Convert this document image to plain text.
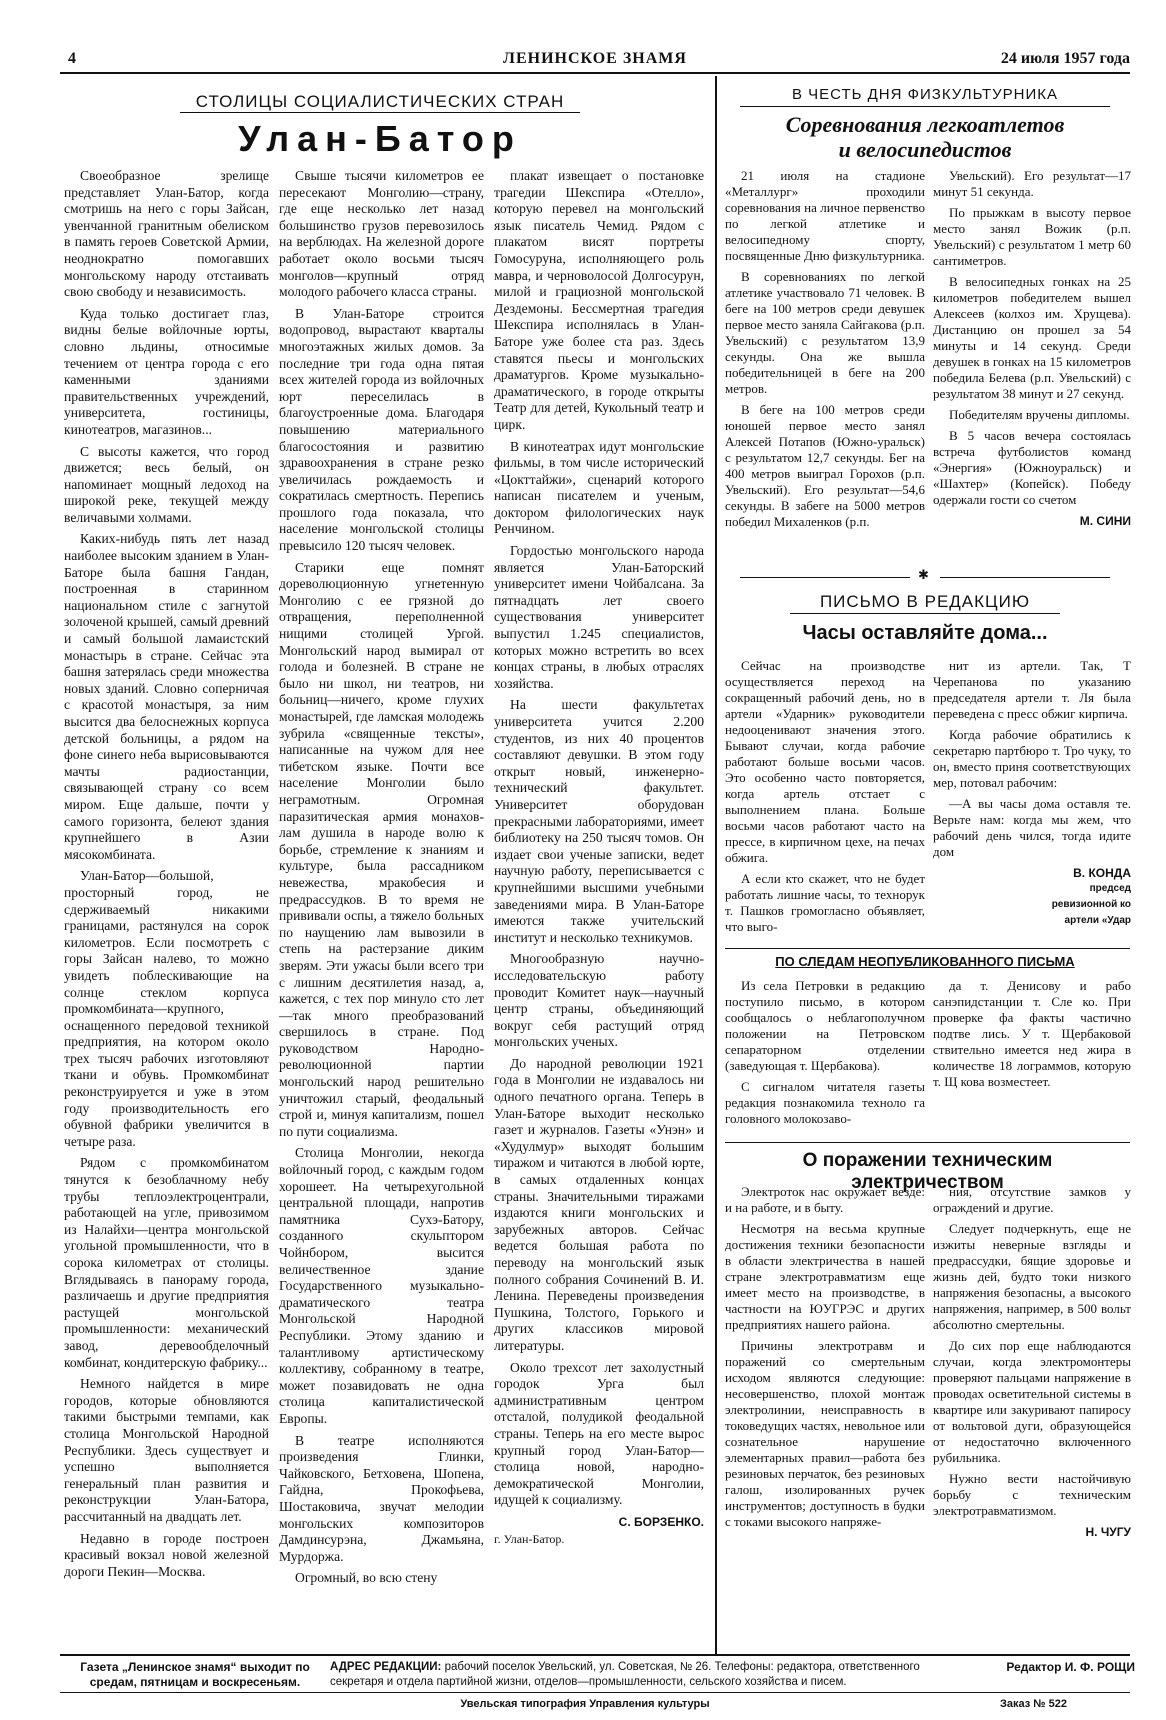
4	ЛЕНИНСКОЕ ЗНАМЯ	24 июля 1957 года
СТОЛИЦЫ СОЦИАЛИСТИЧЕСКИХ СТРАН
Улан-Батор

Своеобразное зрелище представляет Улан-Батор, когда смотришь на него с горы Зайсан, увенчанной гранитным обелиском в память героев Советской Армии, неоднократно помогавших монгольскому народу отстаивать свою свободу и независимость.

Куда только достигает глаз, видны белые войлочные юрты, словно льдины, относимые течением от центра города с его каменными зданиями правительственных учреждений, университета, гостиницы, кинотеатров, магазинов...

С высоты кажется, что город движется; весь белый, он напоминает мощный ледоход на широкой реке, текущей между величавыми холмами.

Каких-нибудь пять лет назад наиболее высоким зданием в Улан-Баторе была башня Гандан, построенная в старинном национальном стиле с загнутой золоченой крышей, самый древний и самый большой ламаистский монастырь в стране. Сейчас эта башня затерялась среди множества новых зданий. Словно соперничая с красотой монастыря, за ним высится два белоснежных корпуса детской больницы, а рядом на фоне синего неба вырисовываются мачты радиостанции, связывающей страну со всем миром. Еще дальше, почти у самого горизонта, белеют здания крупнейшего в Азии мясокомбината.

Улан-Батор—большой, просторный город, не сдерживаемый никакими границами, растянулся на сорок километров. Если посмотреть с горы Зайсан налево, то можно увидеть поблескивающие на солнце стеклом корпуса промкомбината—крупного, оснащенного передовой техникой предприятия, на котором около трех тысяч рабочих изготовляют ткани и обувь. Промкомбинат реконструируется и уже в этом году производительность его обувной фабрики увеличится в четыре раза.

Рядом с промкомбинатом тянутся к безоблачному небу трубы теплоэлектроцентрали, работающей на угле, привозимом из Налайхи—центра монгольской угольной промышленности, что в сорока километрах от столицы. Вглядываясь в панораму города, различаешь и другие предприятия растущей монгольской промышленности: механический завод, деревообделочный комбинат, кондитерскую фабрику...

Немного найдется в мире городов, которые обновляются такими быстрыми темпами, как столица Монгольской Народной Республики. Здесь существует и успешно выполняется генеральный план развития и реконструкции Улан-Батора, рассчитанный на двадцать лет.

Недавно в городе построен красивый вокзал новой железной дороги Пекин—Москва.

Свыше тысячи километров ее пересекают Монголию—страну, где еще несколько лет назад большинство грузов перевозилось на верблюдах. На железной дороге работает около восьми тысяч монголов—крупный отряд молодого рабочего класса страны.

В Улан-Баторе строится водопровод, вырастают кварталы многоэтажных жилых домов. За последние три года одна пятая всех жителей города из войлочных юрт переселилась в благоустроенные дома. Благодаря повышению материального благосостояния и развитию здравоохранения в стране резко увеличилась рождаемость и сократилась смертность. Перепись прошлого года показала, что население монгольской столицы превысило 120 тысяч человек.

Старики еще помнят дореволюционную угнетенную Монголию с ее грязной до отвращения, переполненной нищими столицей Ургой. Монгольский народ вымирал от голода и болезней. В стране не было ни школ, ни театров, ни больниц—ничего, кроме глухих монастырей, где ламская молодежь зубрила «священные тексты», написанные на чужом для нее тибетском языке. Почти все население Монголии было неграмотным. Огромная паразитическая армия монахов-лам душила в народе волю к борьбе, стремление к знаниям и культуре, была рассадником невежества, мракобесия и предрассудков. В то время не прививали оспы, а тяжело больных по наущению лам вывозили в степь на растерзание диким зверям. Эти ужасы были всего три с лишним десятилетия назад, а, кажется, с тех пор минуло сто лет—так много преобразований свершилось в стране. Под руководством Народно-революционной партии монгольский народ решительно уничтожил старый, феодальный строй и, минуя капитализм, пошел по пути социализма.

Столица Монголии, некогда войлочный город, с каждым годом хорошеет. На четырехугольной центральной площади, напротив памятника Сухэ-Батору, созданного скульптором Чойнбором, высится величественное здание Государственного музыкально-драматического театра Монгольской Народной Республики. Этому зданию и талантливому артистическому коллективу, собранному в театре, может позавидовать не одна столица капиталистической Европы.

В театре исполняются произведения Глинки, Чайковского, Бетховена, Шопена, Гайдна, Прокофьева, Шостаковича, звучат мелодии монгольских композиторов Дамдинсурэна, Джамьяна, Мурдоржа.

Огромный, во всю стену

плакат извещает о постановке трагедии Шекспира «Отелло», которую перевел на монгольский язык писатель Чемид. Рядом с плакатом висят портреты Гомосуруна, исполняющего роль мавра, и черноволосой Долгосурун, милой и грациозной монгольской Дездемоны. Бессмертная трагедия Шекспира исполнялась в Улан-Баторе уже более ста раз. Здесь ставятся пьесы и монгольских драматургов. Кроме музыкально-драматического, в городе открыты Театр для детей, Кукольный театр и цирк.

В кинотеатрах идут монгольские фильмы, в том числе исторический «Цокттайжи», сценарий которого написан писателем и ученым, доктором филологических наук Ренчином.

Гордостью монгольского народа является Улан-Баторский университет имени Чойбалсана. За пятнадцать лет своего существования университет выпустил 1.245 специалистов, которых можно встретить во всех концах страны, в любых отраслях хозяйства.

На шести факультетах университета учится 2.200 студентов, из них 40 процентов составляют девушки. В этом году открыт новый, инженерно-технический факультет. Университет оборудован прекрасными лабораториями, имеет библиотеку на 250 тысяч томов. Он издает свои ученые записки, ведет научную работу, переписывается с крупнейшими высшими учебными заведениями мира. В Улан-Баторе имеются также учительский институт и несколько техникумов.

Многообразную научно-исследовательскую работу проводит Комитет наук—научный центр страны, объединяющий вокруг себя растущий отряд монгольских ученых.

До народной революции 1921 года в Монголии не издавалось ни одного печатного органа. Теперь в Улан-Баторе выходит несколько газет и журналов. Газеты «Унэн» и «Худулмур» выходят большим тиражом и читаются в любой юрте, в самых отдаленных концах страны. Значительными тиражами издаются книги монгольских и зарубежных авторов. Сейчас ведется большая работа по переводу на монгольский язык полного собрания Сочинений В. И. Ленина. Переведены произведения Пушкина, Толстого, Горького и других классиков мировой литературы.

Около трехсот лет захолустный городок Урга был административным центром отсталой, полудикой феодальной страны. Теперь на его месте вырос крупный город Улан-Батор—столица новой, народно-демократической Монголии, идущей к социализму.

С. БОРЗЕНКО.
г. Улан-Батор.
В ЧЕСТЬ ДНЯ ФИЗКУЛЬТУРНИКА
Соревнования легкоатлетов
и велосипедистов

21 июля на стадионе «Металлург» проходили соревнования на личное первенство по легкой атлетике и велосипедному спорту, посвященные Дню физкультурника.

В соревнованиях по легкой атлетике участвовало 71 человек. В беге на 100 метров среди девушек первое место заняла Сайгакова (р.п. Увельский) с результатом 13,9 секунды. Она же вышла победительницей в беге на 200 метров.

В беге на 100 метров среди юношей первое место занял Алексей Потапов (Южно-уральск) с результатом 12,7 секунды. Бег на 400 метров выиграл Горохов (р.п. Увельский). Его результат—54,6 секунды. В забеге на 5000 метров победил Михаленков (р.п.

Увельский). Его результат—17 минут 51 секунда.

По прыжкам в высоту первое место занял Вожик (р.п. Увельский) с результатом 1 метр 60 сантиметров.

В велосипедных гонках на 25 километров победителем вышел Алексеев (колхоз им. Хрущева). Дистанцию он прошел за 54 минуты и 14 секунд. Среди девушек в гонках на 15 километров победила Белева (р.п. Увельский) с результатом 38 минут и 27 секунд.

Победителям вручены дипломы.

В 5 часов вечера состоялась встреча футболистов команд «Энергия» (Южноуральск) и «Шахтер» (Копейск). Победу одержали гости со счетом

М. СИНИ
✱
ПИСЬМО В РЕДАКЦИЮ
Часы оставляйте дома...

Сейчас на производстве осуществляется переход на сокращенный рабочий день, но в артели «Ударник» руководители недооценивают значения этого. Бывают случаи, когда рабочие работают больше восьми часов. Это особенно часто повторяется, когда артель отстает с выполнением плана. Больше восьми часов работают часто на прессе, в кирпичном цехе, на печах обжига.

А если кто скажет, что не будет работать лишние часы, то технорук т. Пашков громогласно объявляет, что выго-

нит из артели. Так, Т Черепанова по указанию председателя артели т. Ля была переведена с пресс обжиг кирпича.

Когда рабочие обратились к секретарю партбюро т. Тро чуку, то он, вместо приня соответствующих мер, потовал рабочим:

—А вы часы дома оставля те. Верьте нам: когда мы жем, что рабочий день чился, тогда идите дом

В. КОНДА
председ
ревизионной ко
артели «Удар
ПО СЛЕДАМ НЕОПУБЛИКОВАННОГО ПИСЬМА

Из села Петровки в редакцию поступило письмо, в котором сообщалось о неблагополучном положении на Петровском сепараторном отделении (заведующая т. Щербакова).

С сигналом читателя газеты редакция познакомила техноло га головного молокозаво-

да т. Денисову и рабо санэпидстанции т. Сле ко. При проверке фа факты частично подтве лись. У т. Щербаковой ствительно имеется нед жира в количестве 18 лограммов, которую т. Щ кова возместеет.

О поражении техническим электричеством

Электроток нас окружает везде: и на работе, и в быту.

Несмотря на весьма крупные достижения техники безопасности в области электричества в нашей стране электротравматизм еще имеет место на производстве, в частности на ЮУГРЭС и других предприятиях нашего района.

Причины электротравм и поражений со смертельным исходом являются следующие: несовершенство, плохой монтаж электролинии, неисправность в токоведущих частях, невольное или сознательное нарушение элементарных правил—работа без резиновых перчаток, без резиновых галош, изолированных ручек инструментов; доступность в будки с токами высокого напряже-

ния, отсутствие замков у ограждений и другие.

Следует подчеркнуть, еще не изжиты неверные взгляды и предрассудки, бящие здоровье и жизнь дей, будто токи низкого напряжения безопасны, а высокого напряжения, например, в 500 вольт абсолютно смертельны.

До сих пор еще наблюдаются случаи, когда электромонтеры проверяют пальцами напряжение в проводах осветительной системы в квартире или закуривают папиросу от вольтовой дуги, образующейся от недостаточно включенного рубильника.

Нужно вести настойчивую борьбу с техническим электротравматизмом.

Н. ЧУГУ
Газета „Ленинское знамя“ выходит по средам, пятницам и воскресеньям.
АДРЕС РЕДАКЦИИ: рабочий поселок Увельский, ул. Советская, № 26. Телефоны: редактора, ответственного секретаря и отдела партийной жизни, отделов—промышленности, сельского хозяйства и писем.
Редактор И. Ф. РОЩИ
Увельская типография Управления культуры	Заказ № 522
